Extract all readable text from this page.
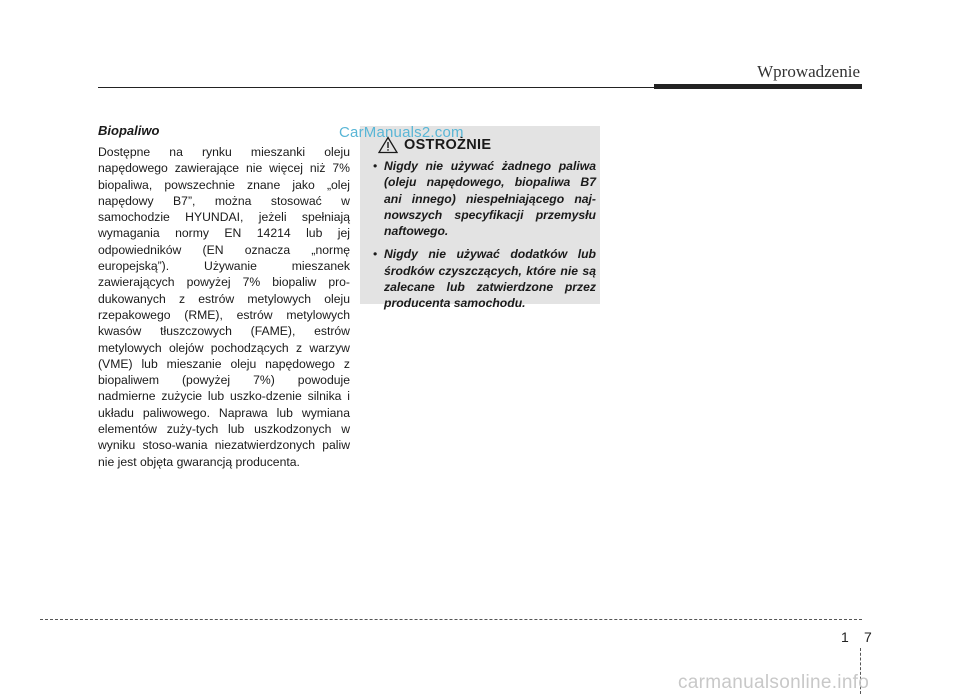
Wprowadzenie
Biopaliwo

Dostępne na rynku mieszanki oleju napędowego zawierające nie więcej niż 7% biopaliwa, powszechnie znane jako „olej napędowy B7”, można stosować w samochodzie HYUNDAI, jeżeli spełniają wymagania normy EN 14214 lub jej odpowiedników (EN oznacza „normę europejską”). Używanie mieszanek zawierających powyżej 7% biopaliw pro-dukowanych z estrów metylowych oleju rzepakowego (RME), estrów metylowych kwasów tłuszczowych (FAME), estrów metylowych olejów pochodzących z warzyw (VME) lub mieszanie oleju napędowego z biopaliwem (powyżej 7%) powoduje nadmierne zużycie lub uszko-dzenie silnika i układu paliwowego. Naprawa lub wymiana elementów zuży-tych lub uszkodzonych w wyniku stoso-wania niezatwierdzonych paliw nie jest objęta gwarancją producenta.

OSTROŻNIE
• Nigdy nie używać żadnego paliwa (oleju napędowego, biopaliwa B7 ani innego) niespełniającego naj-nowszych specyfikacji przemysłu naftowego.
• Nigdy nie używać dodatków lub środków czyszczących, które nie są zalecane lub zatwierdzone przez producenta samochodu.
CarManuals2.com
1 7
carmanualsonline.info
